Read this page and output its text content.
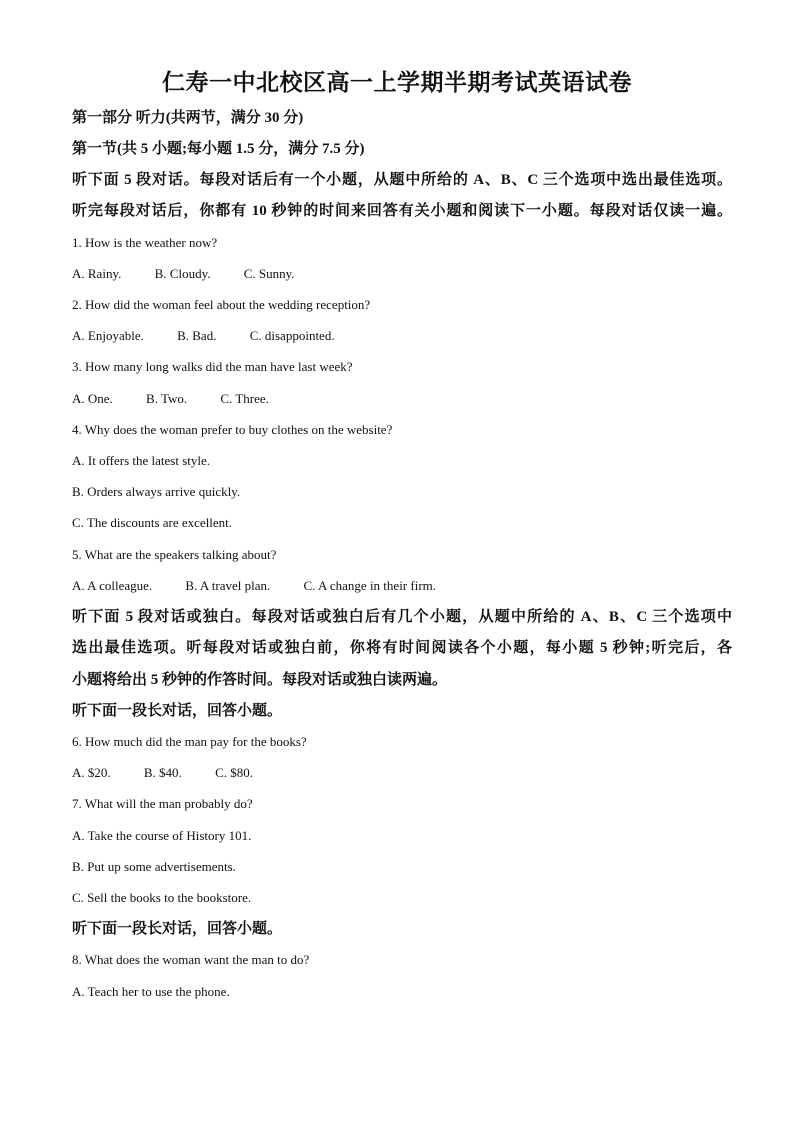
仁寿一中北校区高一上学期半期考试英语试卷
第一部分 听力(共两节，满分 30 分)
第一节(共 5 小题;每小题 1.5 分，满分 7.5 分)
听下面 5 段对话。每段对话后有一个小题，从题中所给的 A、B、C 三个选项中选出最佳选项。
听完每段对话后，你都有 10 秒钟的时间来回答有关小题和阅读下一小题。每段对话仅读一遍。
1. How is the weather now?
A. Rainy.	B. Cloudy.	C. Sunny.
2. How did the woman feel about the wedding reception?
A. Enjoyable.	B. Bad.	C. disappointed.
3. How many long walks did the man have last week?
A. One.	B. Two.	C. Three.
4. Why does the woman prefer to buy clothes on the website?
A. It offers the latest style.
B. Orders always arrive quickly.
C. The discounts are excellent.
5. What are the speakers talking about?
A. A colleague.	B. A travel plan.	C. A change in their firm.
听下面 5 段对话或独白。每段对话或独白后有几个小题，从题中所给的 A、B、C 三个选项中
选出最佳选项。听每段对话或独白前，你将有时间阅读各个小题，每小题 5 秒钟;听完后，各
小题将给出 5 秒钟的作答时间。每段对话或独白读两遍。
听下面一段长对话，回答小题。
6. How much did the man pay for the books?
A. $20.	B. $40.	C. $80.
7. What will the man probably do?
A. Take the course of History 101.
B. Put up some advertisements.
C. Sell the books to the bookstore.
听下面一段长对话，回答小题。
8. What does the woman want the man to do?
A. Teach her to use the phone.
